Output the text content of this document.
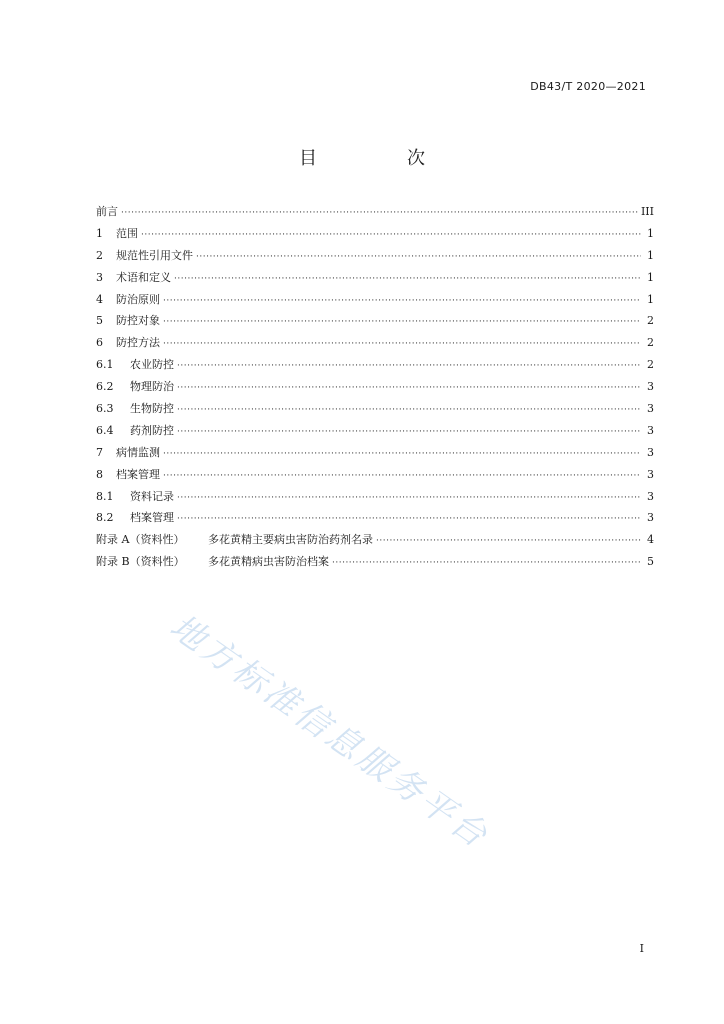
DB43/T 2020—2021
目　次
前言 ·····	III
1 范围 ·····	1
2 规范性引用文件 ·····	1
3 术语和定义 ·····	1
4 防治原则 ·····	1
5 防控对象 ·····	2
6 防控方法 ·····	2
6.1 农业防控 ·····	2
6.2 物理防治 ·····	3
6.3 生物防控 ·····	3
6.4 药剂防控 ·····	3
7 病情监测 ·····	3
8 档案管理 ·····	3
8.1 资料记录 ·····	3
8.2 档案管理 ·····	3
附录 A（资料性） 多花黄精主要病虫害防治药剂名录 ·····	4
附录 B（资料性） 多花黄精病虫害防治档案 ·····	5
地方标准信息服务平台
I
